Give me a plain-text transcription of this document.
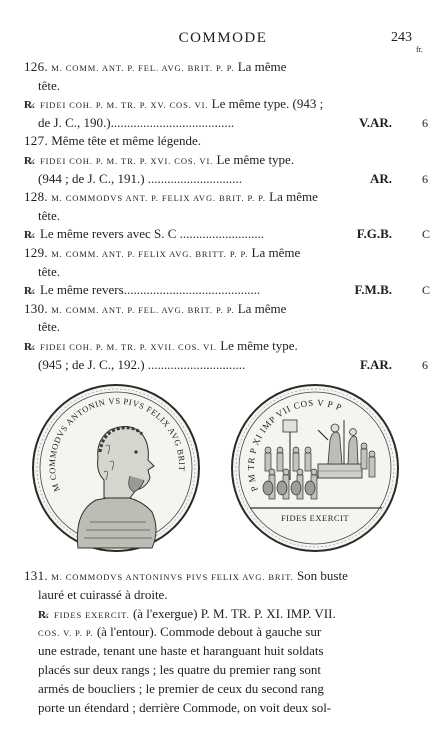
COMMODE	243
fr.
126. M. COMM. ANT. P. FEL. AVG. BRIT. P. P. La même
tête.
R̷. FIDEI COH. P. M. TR. P. XV. COS. VI. Le même type. (943 ;
de J. C., 190.)......................................	V.AR.	6
127. Même tête et même légende.
R̷. FIDEI COH. P. M. TR. P. XVI. COS. VI. Le même type.
(944 ; de J. C., 191.) .............................	AR.	6
128. M. COMMODVS ANT. P. FELIX AVG. BRIT. P. P. La même
tête.
R̷. Le même revers avec S. C ..........................	F.G.B.	C
129. M. COMM. ANT. P. FELIX AVG. BRITT. P. P. La même
tête.
R̷. Le même revers..........................................	F.M.B.	C
130. M. COMM. ANT. P. FEL. AVG. BRIT. P. P. La même
tête.
R̷. FIDEI COH. P. M. TR. P. XVII. COS. VI. Le même type.
(945 ; de J. C., 192.) ..............................	F.AR.	6
M COMMODVS ANTONIN VS PIVS FELIX AVG BRIT
P M TR P XI IMP VII COS V P P
FIDES EXERCIT
131. M. COMMODVS ANTONINVS PIVS FELIX AVG. BRIT. Son buste
lauré et cuirassé à droite.
R̷. FIDES EXERCIT. (à l'exergue) P. M. TR. P. XI. IMP. VII.
COS. V. P. P. (à l'entour). Commode debout à gauche sur
une estrade, tenant une haste et haranguant huit soldats
placés sur deux rangs ; les quatre du premier rang sont
armés de boucliers ; le premier de ceux du second rang
porte un étendard ; derrière Commode, on voit deux sol-
